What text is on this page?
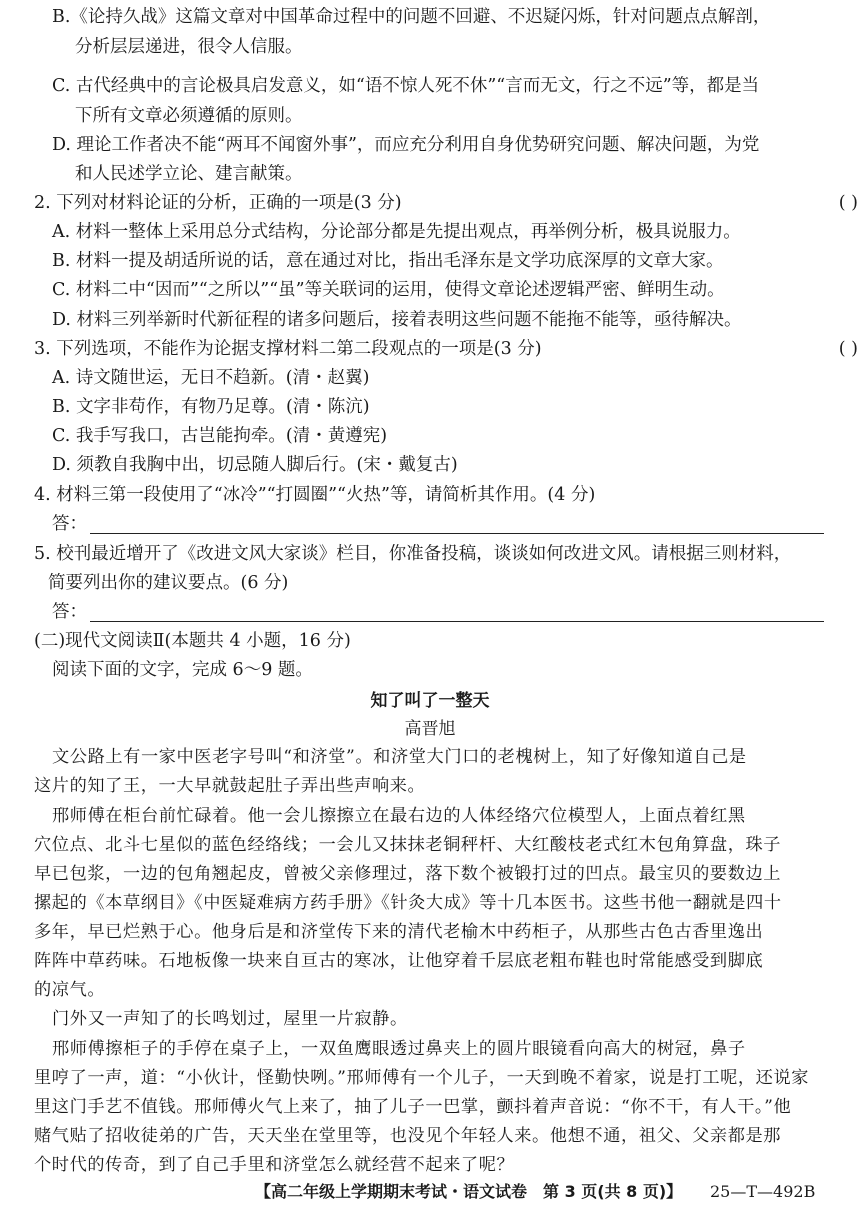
B.《论持久战》这篇文章对中国革命过程中的问题不回避、不迟疑闪烁，针对问题点点解剖，
分析层层递进，很令人信服。
C. 古代经典中的言论极具启发意义，如“语不惊人死不休”“言而无文，行之不远”等，都是当
下所有文章必须遵循的原则。
D. 理论工作者决不能“两耳不闻窗外事”，而应充分利用自身优势研究问题、解决问题，为党
和人民述学立论、建言献策。
2. 下列对材料论证的分析，正确的一项是(3 分)	( )
A. 材料一整体上采用总分式结构，分论部分都是先提出观点，再举例分析，极具说服力。
B. 材料一提及胡适所说的话，意在通过对比，指出毛泽东是文学功底深厚的文章大家。
C. 材料二中“因而”“之所以”“虽”等关联词的运用，使得文章论述逻辑严密、鲜明生动。
D. 材料三列举新时代新征程的诸多问题后，接着表明这些问题不能拖不能等，亟待解决。
3. 下列选项，不能作为论据支撑材料二第二段观点的一项是(3 分)	( )
A. 诗文随世运，无日不趋新。(清・赵翼)
B. 文字非苟作，有物乃足尊。(清・陈沆)
C. 我手写我口，古岂能拘牵。(清・黄遵宪)
D. 须教自我胸中出，切忌随人脚后行。(宋・戴复古)
4. 材料三第一段使用了“冰冷”“打圆圈”“火热”等，请简析其作用。(4 分)
答：
5. 校刊最近增开了《改进文风大家谈》栏目，你准备投稿，谈谈如何改进文风。请根据三则材料，
简要列出你的建议要点。(6 分)
答：
(二)现代文阅读Ⅱ(本题共 4 小题，16 分)
阅读下面的文字，完成 6～9 题。
知了叫了一整天
高晋旭
文公路上有一家中医老字号叫“和济堂”。和济堂大门口的老槐树上，知了好像知道自己是
这片的知了王，一大早就鼓起肚子弄出些声响来。
邢师傅在柜台前忙碌着。他一会儿擦擦立在最右边的人体经络穴位模型人，上面点着红黑
穴位点、北斗七星似的蓝色经络线；一会儿又抹抹老铜秤杆、大红酸枝老式红木包角算盘，珠子
早已包浆，一边的包角翘起皮，曾被父亲修理过，落下数个被锻打过的凹点。最宝贝的要数边上
摞起的《本草纲目》《中医疑难病方药手册》《针灸大成》等十几本医书。这些书他一翻就是四十
多年，早已烂熟于心。他身后是和济堂传下来的清代老榆木中药柜子，从那些古色古香里逸出
阵阵中草药味。石地板像一块来自亘古的寒冰，让他穿着千层底老粗布鞋也时常能感受到脚底
的凉气。
门外又一声知了的长鸣划过，屋里一片寂静。
邢师傅擦柜子的手停在桌子上，一双鱼鹰眼透过鼻夹上的圆片眼镜看向高大的树冠，鼻子
里哼了一声，道：“小伙计，怪勤快咧。”邢师傅有一个儿子，一天到晚不着家，说是打工呢，还说家
里这门手艺不值钱。邢师傅火气上来了，抽了儿子一巴掌，颤抖着声音说：“你不干，有人干。”他
赌气贴了招收徒弟的广告，天天坐在堂里等，也没见个年轻人来。他想不通，祖父、父亲都是那
个时代的传奇，到了自己手里和济堂怎么就经营不起来了呢？
【高二年级上学期期末考试・语文试卷　第 3 页(共 8 页)】 25—T—492B
